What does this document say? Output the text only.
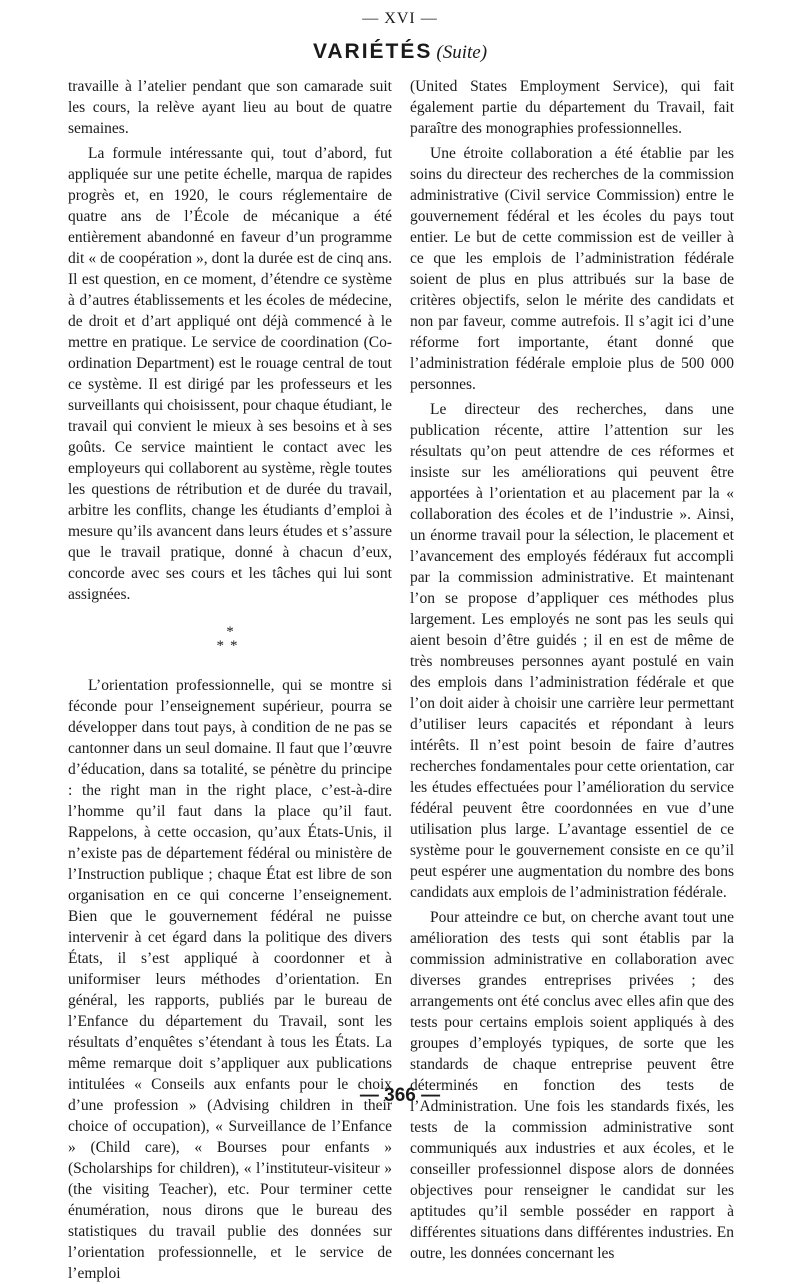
— XVI —
VARIÉTÉS (Suite)

travaille à l’atelier pendant que son camarade suit les cours, la relève ayant lieu au bout de quatre semaines.

La formule intéressante qui, tout d’abord, fut appliquée sur une petite échelle, marqua de rapides progrès et, en 1920, le cours réglementaire de quatre ans de l’École de mécanique a été entièrement abandonné en faveur d’un programme dit « de coopération », dont la durée est de cinq ans. Il est question, en ce moment, d’étendre ce système à d’autres établissements et les écoles de médecine, de droit et d’art appliqué ont déjà commencé à le mettre en pratique. Le service de coordination (Co-ordination Department) est le rouage central de tout ce système. Il est dirigé par les professeurs et les surveillants qui choisissent, pour chaque étudiant, le travail qui convient le mieux à ses besoins et à ses goûts. Ce service maintient le contact avec les employeurs qui collaborent au système, règle toutes les questions de rétribution et de durée du travail, arbitre les conflits, change les étudiants d’emploi à mesure qu’ils avancent dans leurs études et s’assure que le travail pratique, donné à chacun d’eux, concorde avec ses cours et les tâches qui lui sont assignées.

*
**

L’orientation professionnelle, qui se montre si féconde pour l’enseignement supérieur, pourra se développer dans tout pays, à condition de ne pas se cantonner dans un seul domaine. Il faut que l’œuvre d’éducation, dans sa totalité, se pénètre du principe : the right man in the right place, c’est-à-dire l’homme qu’il faut dans la place qu’il faut. Rappelons, à cette occasion, qu’aux États-Unis, il n’existe pas de département fédéral ou ministère de l’Instruction publique ; chaque État est libre de son organisation en ce qui concerne l’enseignement. Bien que le gouvernement fédéral ne puisse intervenir à cet égard dans la politique des divers États, il s’est appliqué à coordonner et à uniformiser leurs méthodes d’orientation. En général, les rapports, publiés par le bureau de l’Enfance du département du Travail, sont les résultats d’enquêtes s’étendant à tous les États. La même remarque doit s’appliquer aux publications intitulées « Conseils aux enfants pour le choix d’une profession » (Advising children in their choice of occupation), « Surveillance de l’Enfance » (Child care), « Bourses pour enfants » (Scholarships for children), « l’instituteur-visiteur » (the visiting Teacher), etc. Pour terminer cette énumération, nous dirons que le bureau des statistiques du travail publie des données sur l’orientation professionnelle, et le service de l’emploi

(United States Employment Service), qui fait également partie du département du Travail, fait paraître des monographies professionnelles.

Une étroite collaboration a été établie par les soins du directeur des recherches de la commission administrative (Civil service Commission) entre le gouvernement fédéral et les écoles du pays tout entier. Le but de cette commission est de veiller à ce que les emplois de l’administration fédérale soient de plus en plus attribués sur la base de critères objectifs, selon le mérite des candidats et non par faveur, comme autrefois. Il s’agit ici d’une réforme fort importante, étant donné que l’administration fédérale emploie plus de 500 000 personnes.

Le directeur des recherches, dans une publication récente, attire l’attention sur les résultats qu’on peut attendre de ces réformes et insiste sur les améliorations qui peuvent être apportées à l’orientation et au placement par la « collaboration des écoles et de l’industrie ». Ainsi, un énorme travail pour la sélection, le placement et l’avancement des employés fédéraux fut accompli par la commission administrative. Et maintenant l’on se propose d’appliquer ces méthodes plus largement. Les employés ne sont pas les seuls qui aient besoin d’être guidés ; il en est de même de très nombreuses personnes ayant postulé en vain des emplois dans l’administration fédérale et que l’on doit aider à choisir une carrière leur permettant d’utiliser leurs capacités et répondant à leurs intérêts. Il n’est point besoin de faire d’autres recherches fondamentales pour cette orientation, car les études effectuées pour l’amélioration du service fédéral peuvent être coordonnées en vue d’une utilisation plus large. L’avantage essentiel de ce système pour le gouvernement consiste en ce qu’il peut espérer une augmentation du nombre des bons candidats aux emplois de l’administration fédérale.

Pour atteindre ce but, on cherche avant tout une amélioration des tests qui sont établis par la commission administrative en collaboration avec diverses grandes entreprises privées ; des arrangements ont été conclus avec elles afin que des tests pour certains emplois soient appliqués à des groupes d’employés typiques, de sorte que les standards de chaque entreprise peuvent être déterminés en fonction des tests de l’Administration. Une fois les standards fixés, les tests de la commission administrative sont communiqués aux industries et aux écoles, et le conseiller professionnel dispose alors de données objectives pour renseigner le candidat sur les aptitudes qu’il semble posséder en rapport à différentes situations dans différentes industries. En outre, les données concernant les

— 366 —
